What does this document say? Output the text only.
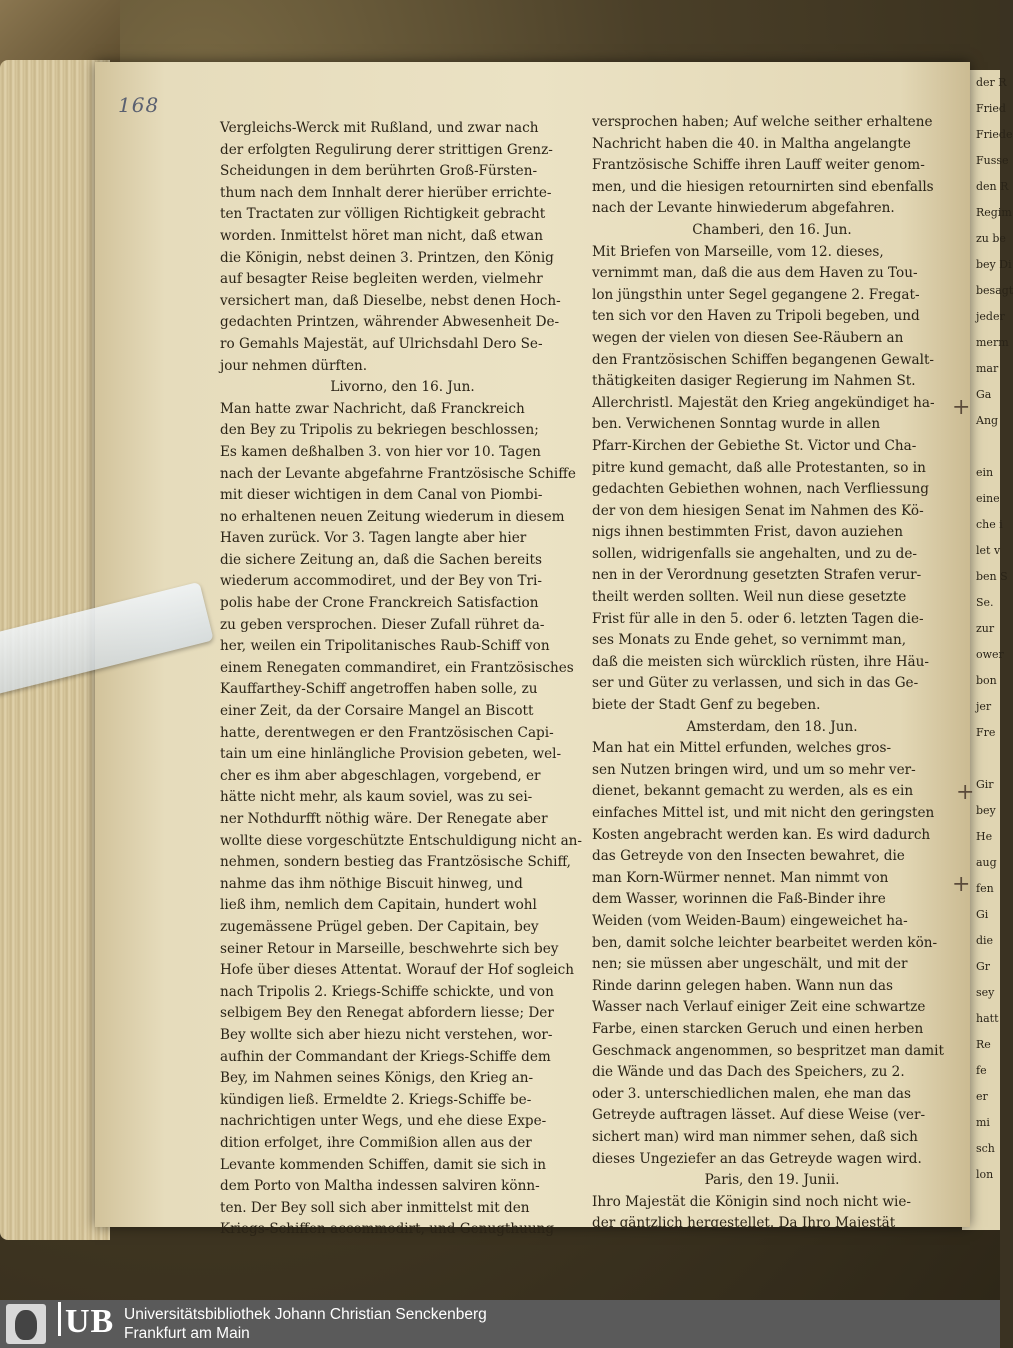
der R
Fried
Friede
Fusse
den R
Regim
zu be
bey Di
besagt
jeder
merm
mar
Ga
Ang

ein
eine
che i
let v
ben S
Se.
zur
ower
bon
jer
Fre

Gir
bey
He
aug
fen
Gi
die
Gr
sey
hatt
Re
fe
er
mi
sch
lon
168
Vergleichs-Werck mit Rußland, und zwar nach
der erfolgten Regulirung derer strittigen Grenz-
Scheidungen in dem berührten Groß-Fürsten-
thum nach dem Innhalt derer hierüber errichte-
ten Tractaten zur völligen Richtigkeit gebracht
worden. Inmittelst höret man nicht, daß etwan
die Königin, nebst deinen 3. Printzen, den König
auf besagter Reise begleiten werden, vielmehr
versichert man, daß Dieselbe, nebst denen Hoch-
gedachten Printzen, währender Abwesenheit De-
ro Gemahls Majestät, auf Ulrichsdahl Dero Se-
jour nehmen dürften.
Livorno, den 16. Jun.
Man hatte zwar Nachricht, daß Franckreich
den Bey zu Tripolis zu bekriegen beschlossen;
Es kamen deßhalben 3. von hier vor 10. Tagen
nach der Levante abgefahrne Frantzösische Schiffe
mit dieser wichtigen in dem Canal von Piombi-
no erhaltenen neuen Zeitung wiederum in diesem
Haven zurück. Vor 3. Tagen langte aber hier
die sichere Zeitung an, daß die Sachen bereits
wiederum accommodiret, und der Bey von Tri-
polis habe der Crone Franckreich Satisfaction
zu geben versprochen. Dieser Zufall rühret da-
her, weilen ein Tripolitanisches Raub-Schiff von
einem Renegaten commandiret, ein Frantzösisches
Kauffarthey-Schiff angetroffen haben solle, zu
einer Zeit, da der Corsaire Mangel an Biscott
hatte, derentwegen er den Frantzösischen Capi-
tain um eine hinlängliche Provision gebeten, wel-
cher es ihm aber abgeschlagen, vorgebend, er
hätte nicht mehr, als kaum soviel, was zu sei-
ner Nothdurfft nöthig wäre. Der Renegate aber
wollte diese vorgeschützte Entschuldigung nicht an-
nehmen, sondern bestieg das Frantzösische Schiff,
nahme das ihm nöthige Biscuit hinweg, und
ließ ihm, nemlich dem Capitain, hundert wohl
zugemässene Prügel geben. Der Capitain, bey
seiner Retour in Marseille, beschwehrte sich bey
Hofe über dieses Attentat. Worauf der Hof sogleich
nach Tripolis 2. Kriegs-Schiffe schickte, und von
selbigem Bey den Renegat abfordern liesse; Der
Bey wollte sich aber hiezu nicht verstehen, wor-
aufhin der Commandant der Kriegs-Schiffe dem
Bey, im Nahmen seines Königs, den Krieg an-
kündigen ließ. Ermeldte 2. Kriegs-Schiffe be-
nachrichtigen unter Wegs, und ehe diese Expe-
dition erfolget, ihre Commißion allen aus der
Levante kommenden Schiffen, damit sie sich in
dem Porto von Maltha indessen salviren könn-
ten. Der Bey soll sich aber inmittelst mit den
Kriegs-Schiffen accommodirt, und Genugthuung
versprochen haben; Auf welche seither erhaltene
Nachricht haben die 40. in Maltha angelangte
Frantzösische Schiffe ihren Lauff weiter genom-
men, und die hiesigen retournirten sind ebenfalls
nach der Levante hinwiederum abgefahren.
Chamberi, den 16. Jun.
Mit Briefen von Marseille, vom 12. dieses,
vernimmt man, daß die aus dem Haven zu Tou-
lon jüngsthin unter Segel gegangene 2. Fregat-
ten sich vor den Haven zu Tripoli begeben, und
wegen der vielen von diesen See-Räubern an
den Frantzösischen Schiffen begangenen Gewalt-
thätigkeiten dasiger Regierung im Nahmen St.
Allerchristl. Majestät den Krieg angekündiget ha-
ben. Verwichenen Sonntag wurde in allen
Pfarr-Kirchen der Gebiethe St. Victor und Cha-
pitre kund gemacht, daß alle Protestanten, so in
gedachten Gebiethen wohnen, nach Verfliessung
der von dem hiesigen Senat im Nahmen des Kö-
nigs ihnen bestimmten Frist, davon auziehen
sollen, widrigenfalls sie angehalten, und zu de-
nen in der Verordnung gesetzten Strafen verur-
theilt werden sollten. Weil nun diese gesetzte
Frist für alle in den 5. oder 6. letzten Tagen die-
ses Monats zu Ende gehet, so vernimmt man,
daß die meisten sich würcklich rüsten, ihre Häu-
ser und Güter zu verlassen, und sich in das Ge-
biete der Stadt Genf zu begeben.
Amsterdam, den 18. Jun.
Man hat ein Mittel erfunden, welches gros-
sen Nutzen bringen wird, und um so mehr ver-
dienet, bekannt gemacht zu werden, als es ein
einfaches Mittel ist, und mit nicht den geringsten
Kosten angebracht werden kan. Es wird dadurch
das Getreyde von den Insecten bewahret, die
man Korn-Würmer nennet. Man nimmt von
dem Wasser, worinnen die Faß-Binder ihre
Weiden (vom Weiden-Baum) eingeweichet ha-
ben, damit solche leichter bearbeitet werden kön-
nen; sie müssen aber ungeschält, und mit der
Rinde darinn gelegen haben. Wann nun das
Wasser nach Verlauf einiger Zeit eine schwartze
Farbe, einen starcken Geruch und einen herben
Geschmack angenommen, so bespritzet man damit
die Wände und das Dach des Speichers, zu 2.
oder 3. unterschiedlichen malen, ehe man das
Getreyde auftragen lässet. Auf diese Weise (ver-
sichert man) wird man nimmer sehen, daß sich
dieses Ungeziefer an das Getreyde wagen wird.
Paris, den 19. Junii.
Ihro Majestät die Königin sind noch nicht wie-
der gäntzlich hergestellet. Da Ihro Majestät
+
+
+
UB Universitätsbibliothek Johann Christian Senckenberg
Frankfurt am Main
